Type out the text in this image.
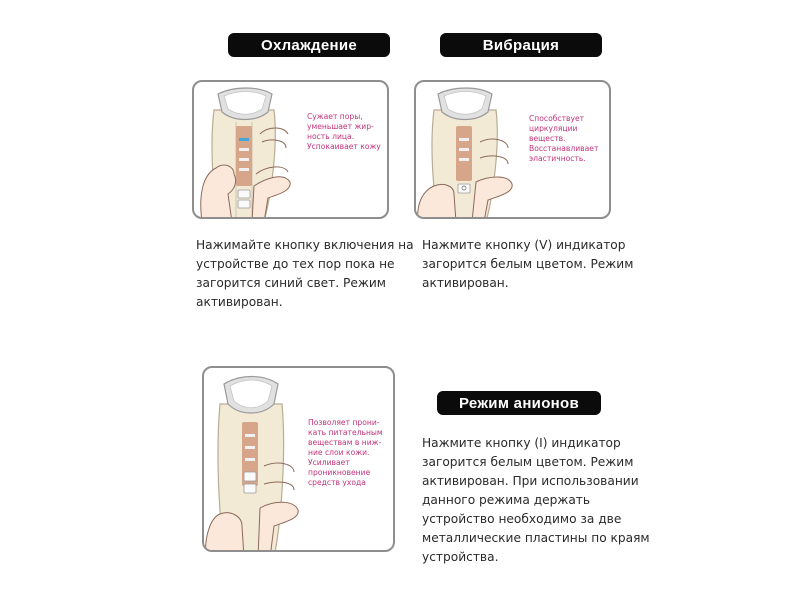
Охлаждение
Сужает поры,
уменьшает жир-
ность лица.
Успокаивает кожу
Нажимайте кнопку включения на
устройстве до тех пор пока не
загорится синий свет. Режим
активирован.
Вибрация
Способствует
циркуляции
веществ.
Восстанавливает
эластичность.
Нажмите кнопку (V) индикатор
загорится белым цветом. Режим
активирован.
Позволяет прони-
кать питательным
веществам в ниж-
ние слои кожи.
Усиливает
проникновение
средств ухода
Режим анионов
Нажмите кнопку (I) индикатор
загорится белым цветом. Режим
активирован. При использовании
данного режима держать
устройство необходимо за две
металлические пластины по краям
устройства.
